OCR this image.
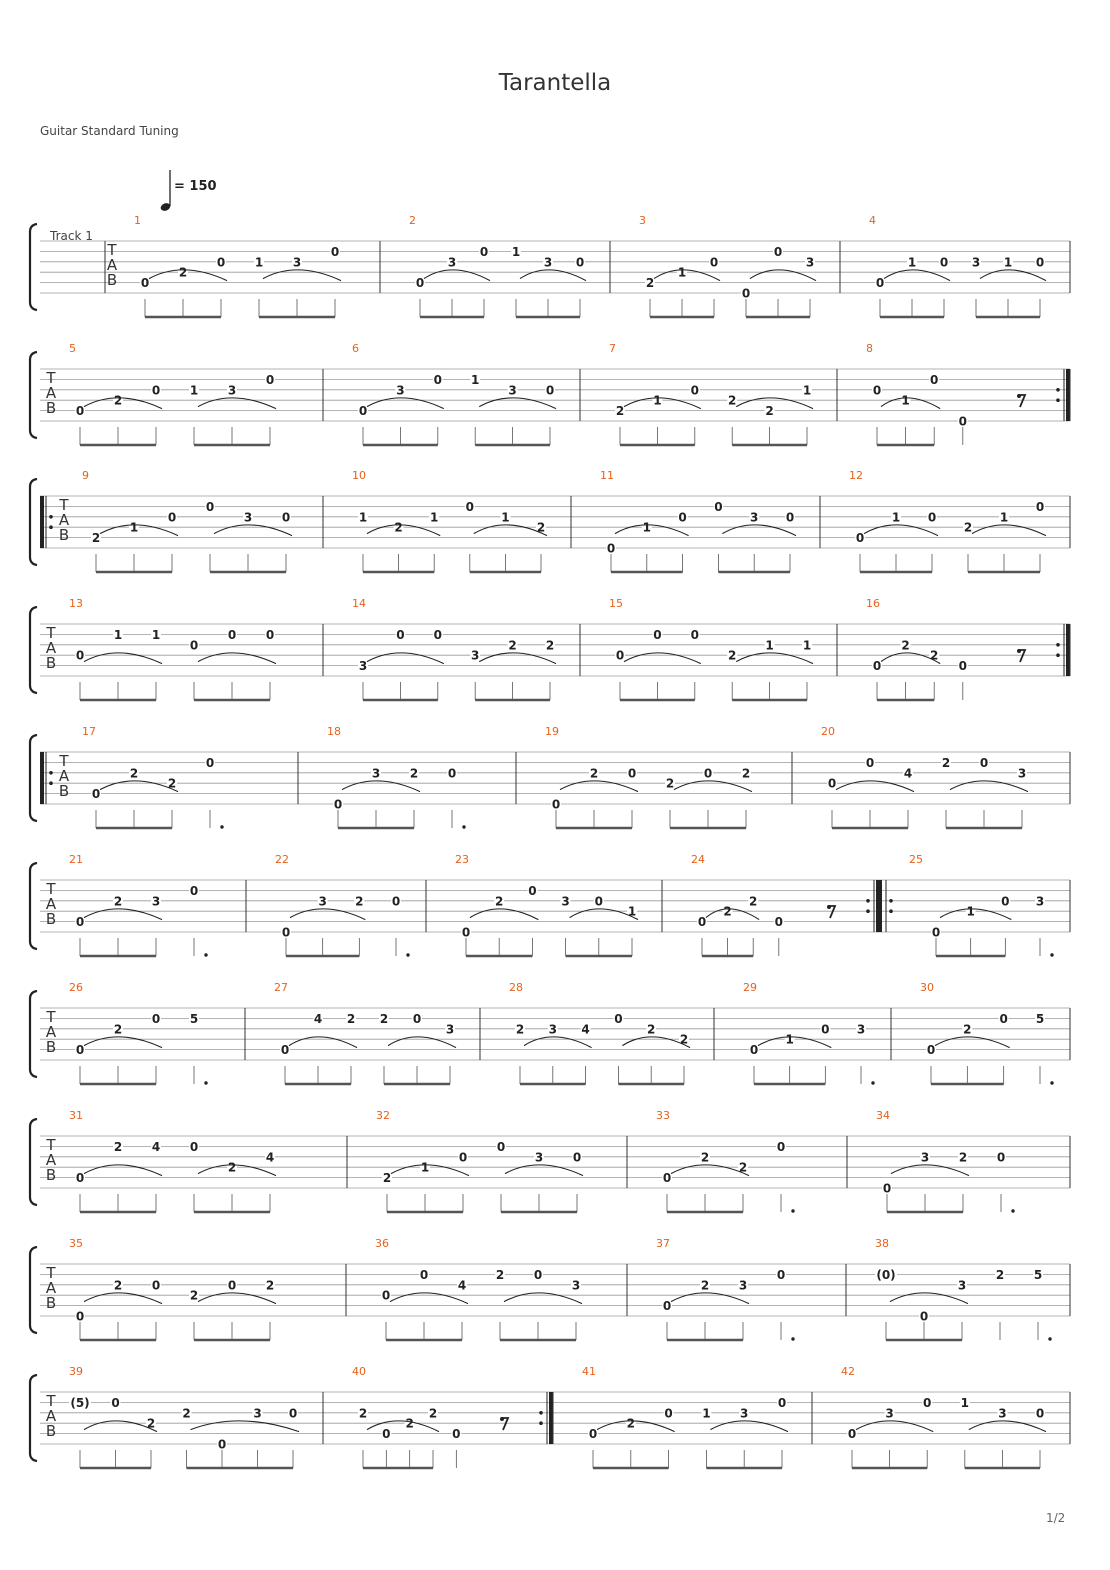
Tarantella
Guitar Standard Tuning
= 150
Track 1
1/2
T
A
B
1
0
2
0 1 3
0
2
0
3
0 1
3 0
3
2
1
0
0
0
3
4
0
1 0 3 1 0
T
A
B
5
0
2
0 1 3
0
6
0
3
0 1
3 0
7
2
1
0
2
2
1
8
0
1
0
0
T
A
B
9
2
1
0
0
3 0
10
1
2
1
0
1
2
11
0
1
0
0
3 0
12
0
1 0
2
1
0
T
A
B
13
0
1 1
0
0 0
14
3
0 0
3
2 2
15
0
0 0
2
1 1
16
0
2
2
0
T
A
B
17
0
2
2
0
18
0
3 2 0
19
0
2 0
2
0 2
20
0
0
4
2 0
3
T
A
B
21
0
2 3
0
22
0
3 2 0
23
0
2
0
3 0
1
24
0
2
2
0
25
0
1
0 3
T
A
B
26
0
2
0 5
27
0
4 2 2 0
3
28
2 3 4
0
2
2
29
0
1
0 3
30
0
2
0 5
T
A
B
31
0
2 4 0
2
4
32
2
1
0
0
3 0
33
0
2
2
0
34
0
3 2 0
T
A
B
35
0
2 0
2
0 2
36
0
0
4
2 0
3
37
0
2 3
0
38
(0)
0
3
2 5
T
A
B
39
(5) 0
2
2
0
3 0
40
2
0
2
2
0
41
0
2
0 1 3
0
42
0
3
0 1
3 0
